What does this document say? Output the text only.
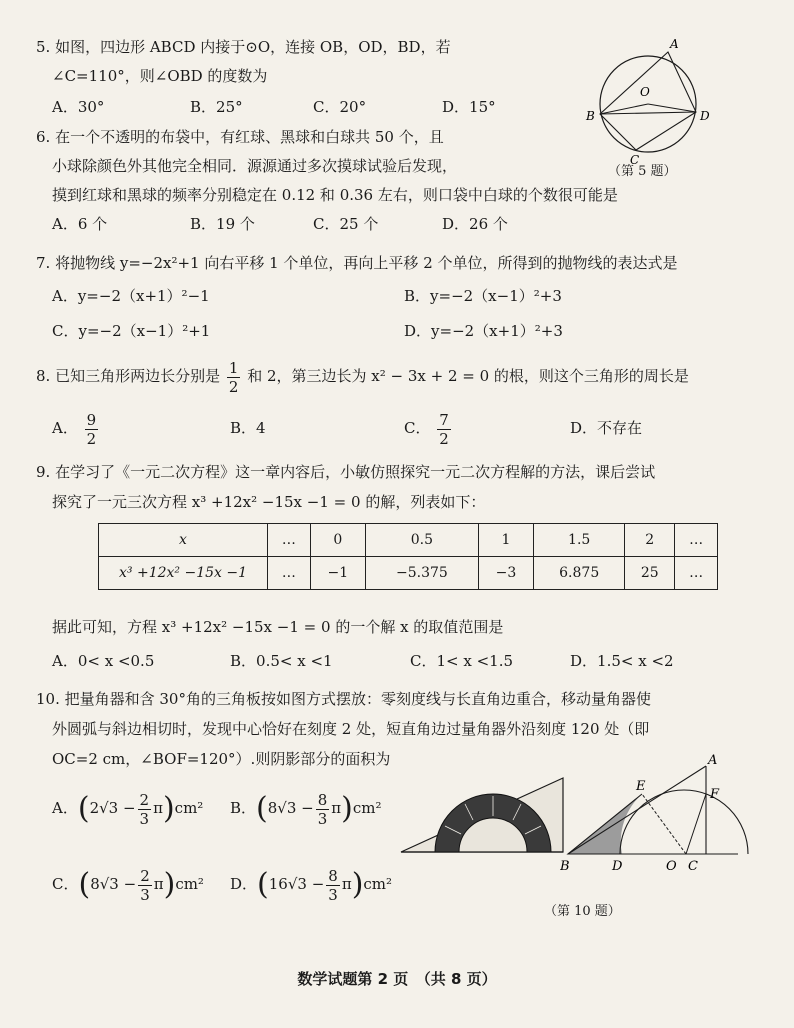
5. 如图，四边形 ABCD 内接于⊙O，连接 OB，OD，BD，若
∠C=110°，则∠OBD 的度数为
A．30°	B．25°	C．20°	D．15°
A
B
C
D
O
（第 5 题）
6. 在一个不透明的布袋中，有红球、黑球和白球共 50 个，且
小球除颜色外其他完全相同．源源通过多次摸球试验后发现，
摸到红球和黑球的频率分别稳定在 0.12 和 0.36 左右，则口袋中白球的个数很可能是
A．6 个	B．19 个	C．25 个	D．26 个
7. 将抛物线 y=−2x²+1 向右平移 1 个单位，再向上平移 2 个单位，所得到的抛物线的表达式是
A．y=−2（x+1）²−1	B．y=−2（x−1）²+3
C．y=−2（x−1）²+1	D．y=−2（x+1）²+3
8. 已知三角形两边长分别是 $\frac{1}{2}$ 和 2，第三边长为 x² − 3x + 2 = 0 的根，则这个三角形的周长是
A． $\frac{9}{2}$	B．4	C． $\frac{7}{2}$	D．不存在
9. 在学习了《一元二次方程》这一章内容后，小敏仿照探究一元二次方程解的方法，课后尝试
探究了一元三次方程 x³ +12x² −15x −1 = 0 的解，列表如下：
x	…	0	0.5	1	1.5	2	…
x³ +12x² −15x −1	…	−1	−5.375	−3	6.875	25	…
据此可知，方程 x³ +12x² −15x −1 = 0 的一个解 x 的取值范围是
A．0< x <0.5	B．0.5< x <1	C．1< x <1.5	D．1.5< x <2
10. 把量角器和含 30°角的三角板按如图方式摆放：零刻度线与长直角边重合，移动量角器使
外圆弧与斜边相切时，发现中心恰好在刻度 2 处，短直角边过量角器外沿刻度 120 处（即
OC=2 cm，∠BOF=120°）.则阴影部分的面积为
A．$(2√3 - \frac{2}{3} \pi)cm^2$ B．$(8√3 - \frac{8}{3} \pi)cm^2$
C．$(8√3 - \frac{2}{3} \pi)cm^2$ D．$(16√3 - \frac{8}{3} \pi)cm^2$
A
B	D
E
F
O C
（第 10 题）
数学试题第 2 页　（共 8 页）
